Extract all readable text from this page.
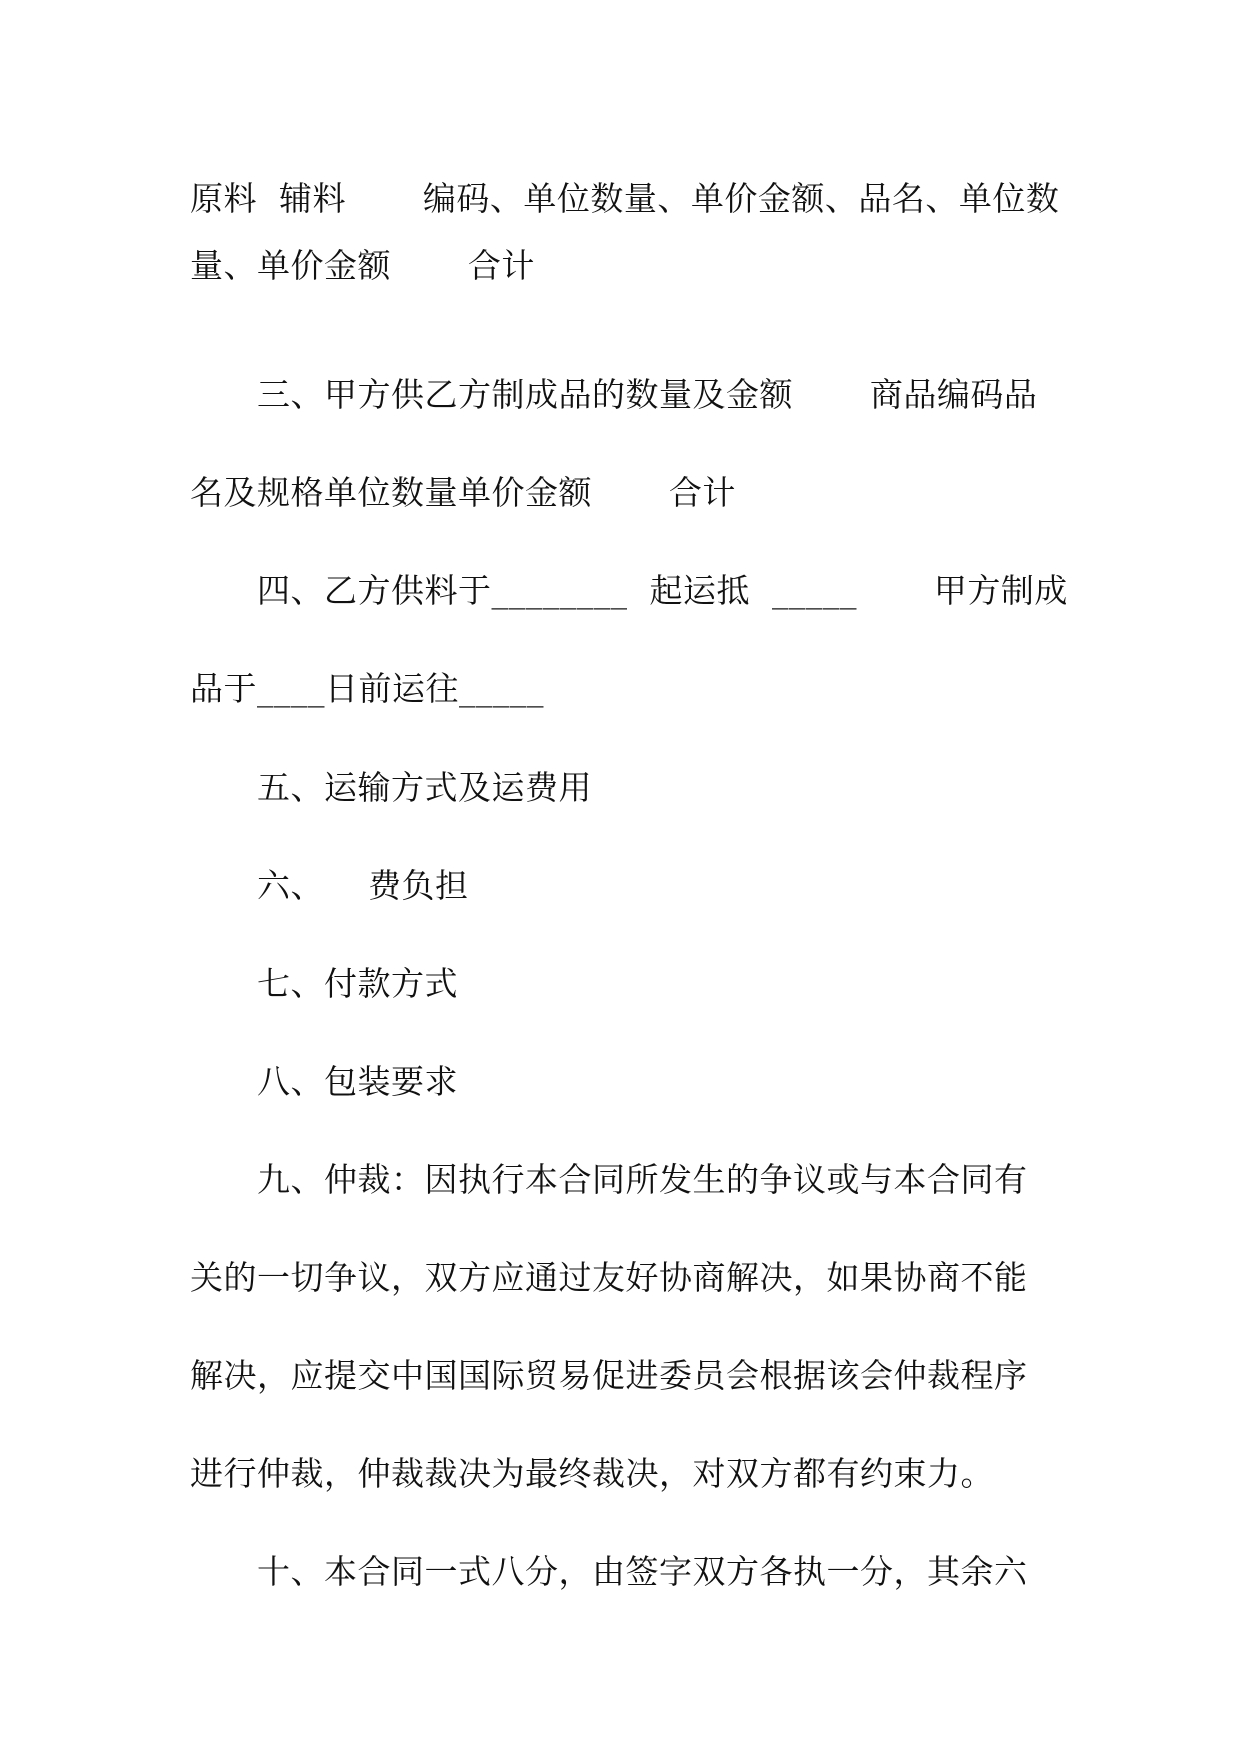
原料  辅料       编码、单位数量、单价金额、品名、单位数
量、单价金额       合计
三、甲方供乙方制成品的数量及金额       商品编码品
名及规格单位数量单价金额       合计
四、乙方供料于________  起运抵  _____       甲方制成
品于____日前运往_____
五、运输方式及运费用
六、    费负担
七、付款方式
八、包装要求
九、仲裁：因执行本合同所发生的争议或与本合同有
关的一切争议，双方应通过友好协商解决，如果协商不能
解决，应提交中国国际贸易促进委员会根据该会仲裁程序
进行仲裁，仲裁裁决为最终裁决，对双方都有约束力。
十、本合同一式八分，由签字双方各执一分，其余六
